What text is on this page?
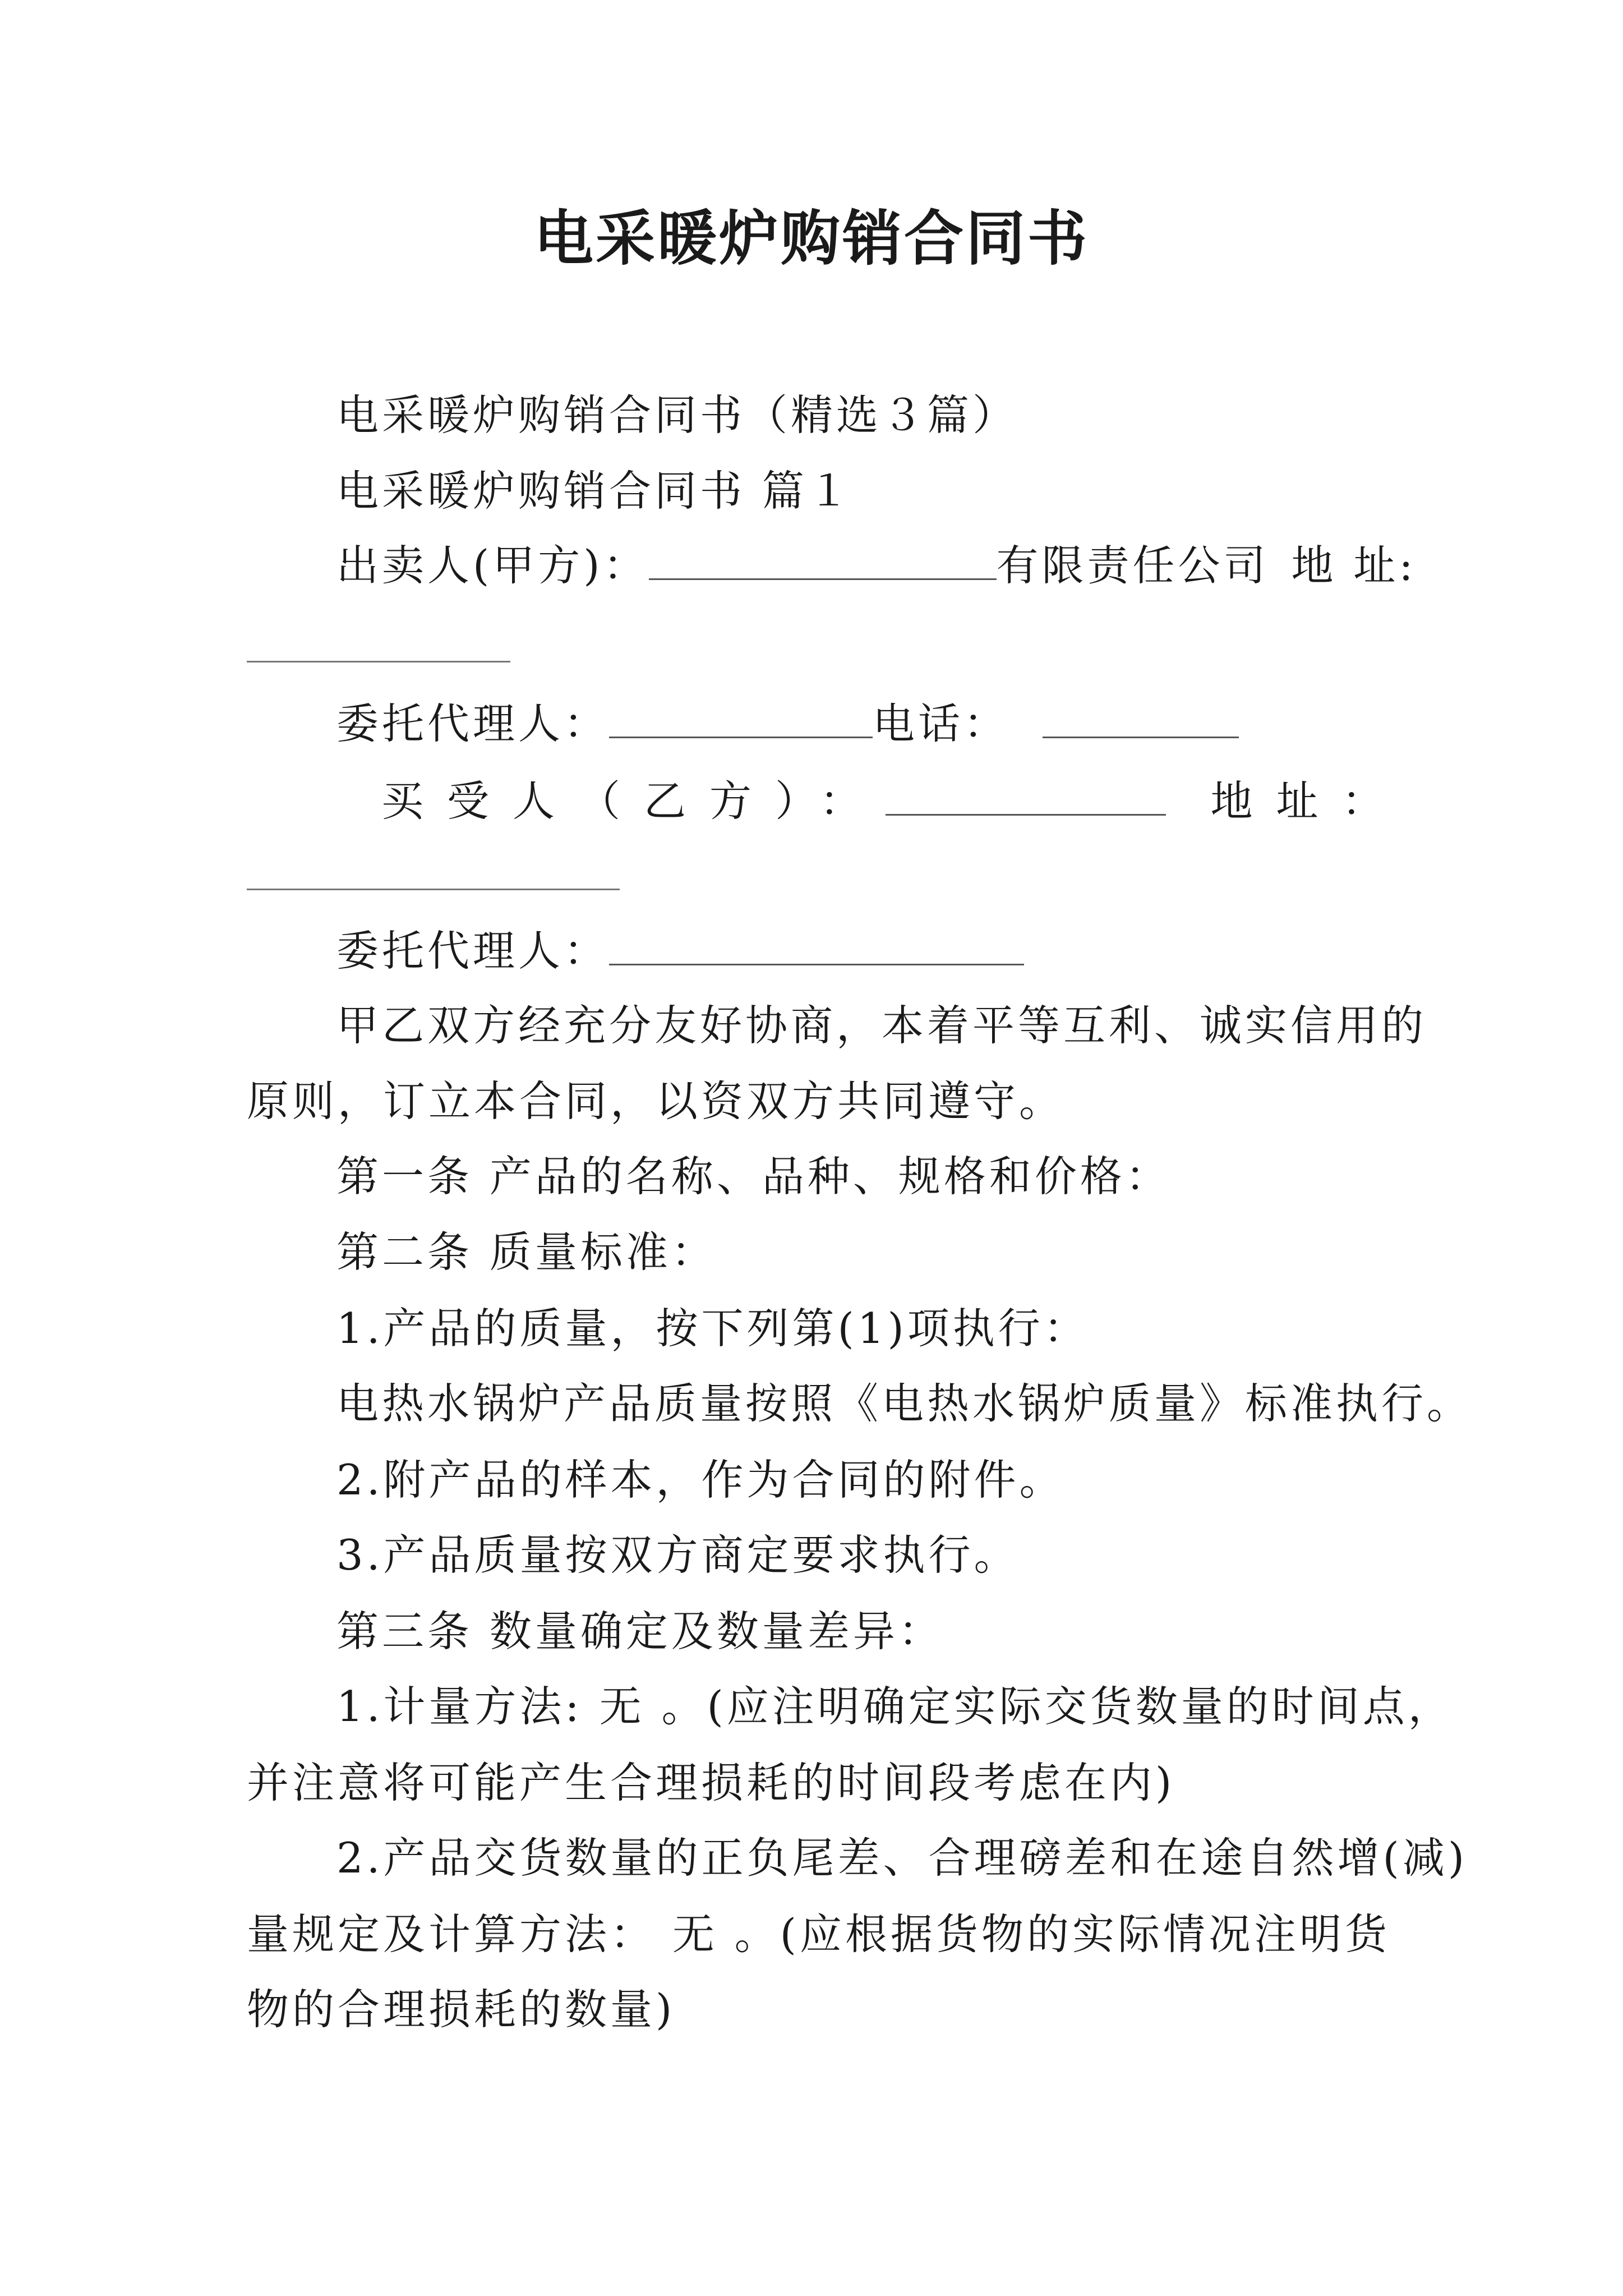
电采暖炉购销合同书
电采暖炉购销合同书（精选３篇）
电采暖炉购销合同书 篇１
出卖人(甲方)：	有限责任公司 地 址:
委托代理人：	电话：
买受人（乙方）：	地址：
委托代理人：
甲乙双方经充分友好协商，本着平等互利、诚实信用的
原则，订立本合同，以资双方共同遵守。
第一条 产品的名称、品种、规格和价格：
第二条 质量标准：
1.产品的质量，按下列第(1)项执行：
电热水锅炉产品质量按照《电热水锅炉质量》标准执行。
2.附产品的样本，作为合同的附件。
3.产品质量按双方商定要求执行。
第三条 数量确定及数量差异：
1.计量方法: 无 。(应注明确定实际交货数量的时间点，
并注意将可能产生合理损耗的时间段考虑在内)
2.产品交货数量的正负尾差、合理磅差和在途自然增(减)
量规定及计算方法： 无 。(应根据货物的实际情况注明货
物的合理损耗的数量)
